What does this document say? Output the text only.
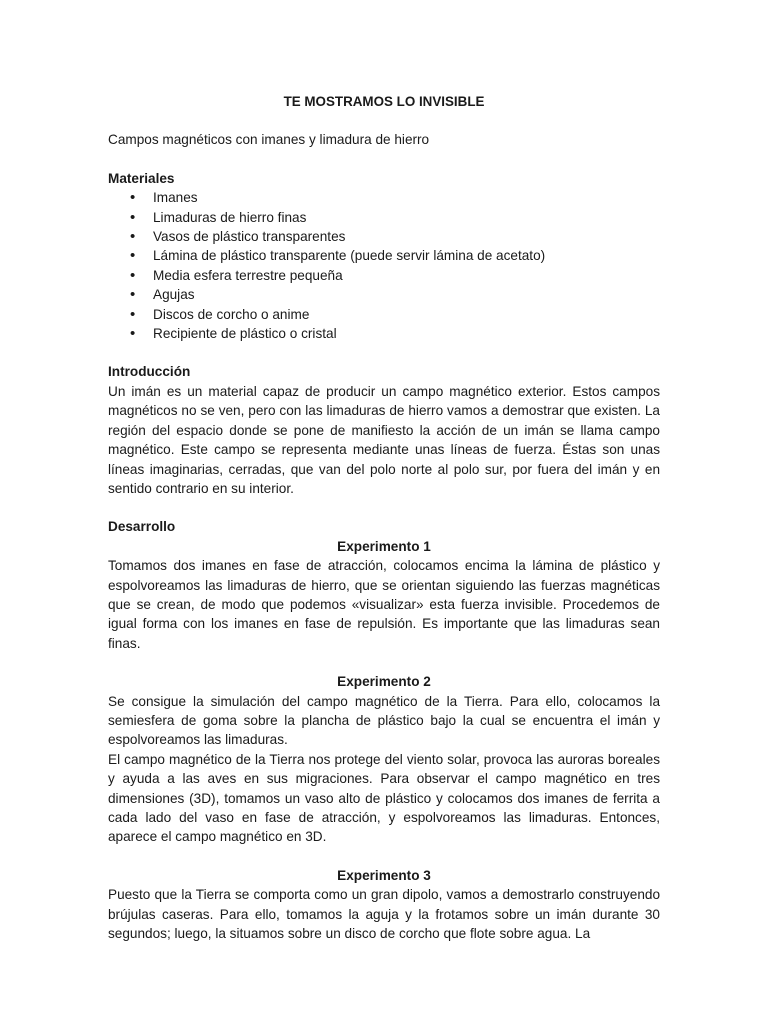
TE MOSTRAMOS LO INVISIBLE
Campos magnéticos con imanes y limadura de hierro
Materiales
• Imanes
• Limaduras de hierro finas
• Vasos de plástico transparentes
• Lámina de plástico transparente (puede servir lámina de acetato)
• Media esfera terrestre pequeña
• Agujas
• Discos de corcho o anime
• Recipiente de plástico o cristal
Introducción

Un imán es un material capaz de producir un campo magnético exterior. Estos campos magnéticos no se ven, pero con las limaduras de hierro vamos a demostrar que existen. La región del espacio donde se pone de manifiesto la acción de un imán se llama campo magnético. Este campo se representa mediante unas líneas de fuerza. Éstas son unas líneas imaginarias, cerradas, que van del polo norte al polo sur, por fuera del imán y en sentido contrario en su interior.

Desarrollo
Experimento 1

Tomamos dos imanes en fase de atracción, colocamos encima la lámina de plástico y espolvoreamos las limaduras de hierro, que se orientan siguiendo las fuerzas magnéticas que se crean, de modo que podemos «visualizar» esta fuerza invisible. Procedemos de igual forma con los imanes en fase de repulsión. Es importante que las limaduras sean finas.

Experimento 2

Se consigue la simulación del campo magnético de la Tierra. Para ello, colocamos la semiesfera de goma sobre la plancha de plástico bajo la cual se encuentra el imán y espolvoreamos las limaduras.

El campo magnético de la Tierra nos protege del viento solar, provoca las auroras boreales y ayuda a las aves en sus migraciones. Para observar el campo magnético en tres dimensiones (3D), tomamos un vaso alto de plástico y colocamos dos imanes de ferrita a cada lado del vaso en fase de atracción, y espolvoreamos las limaduras. Entonces, aparece el campo magnético en 3D.

Experimento 3

Puesto que la Tierra se comporta como un gran dipolo, vamos a demostrarlo construyendo brújulas caseras. Para ello, tomamos la aguja y la frotamos sobre un imán durante 30 segundos; luego, la situamos sobre un disco de corcho que flote sobre agua. La
